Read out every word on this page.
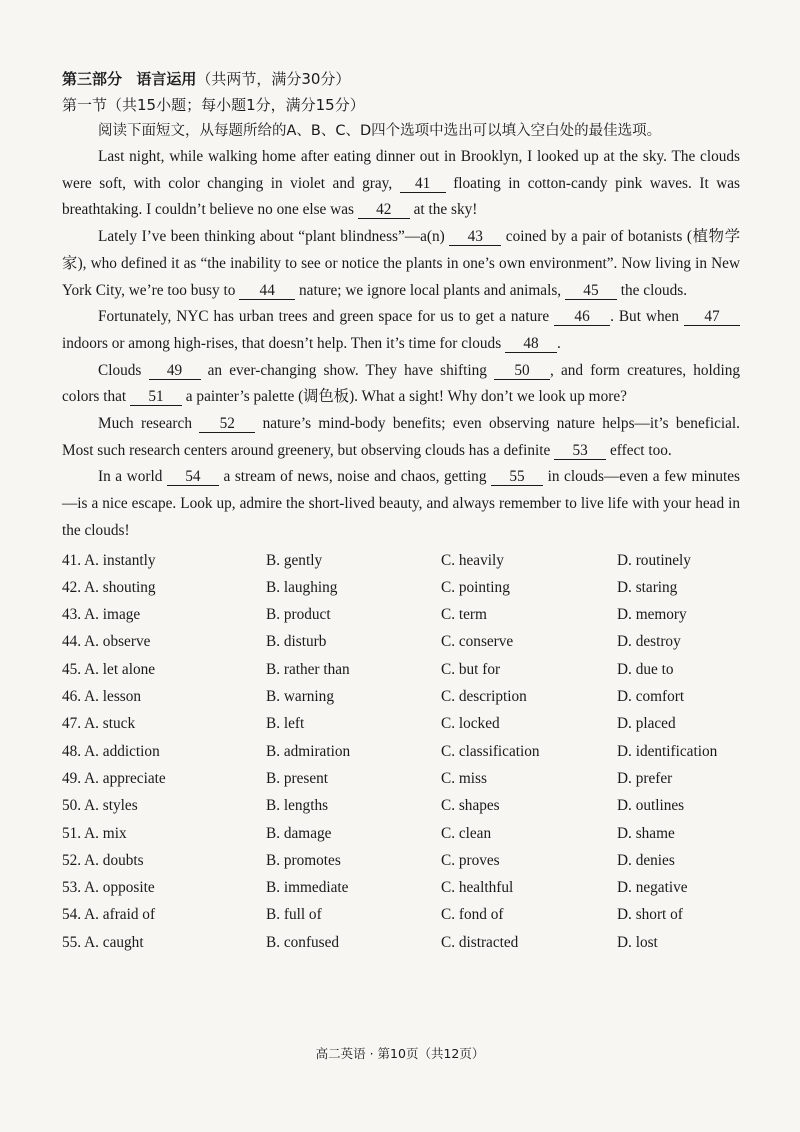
第三部分 语言运用（共两节，满分30分）
第一节（共15小题；每小题1分，满分15分）
阅读下面短文，从每题所给的A、B、C、D四个选项中选出可以填入空白处的最佳选项。

Last night, while walking home after eating dinner out in Brooklyn, I looked up at the sky. The clouds were soft, with color changing in violet and gray, 41 floating in cotton-candy pink waves. It was breathtaking. I couldn’t believe no one else was 42 at the sky!

Lately I’ve been thinking about “plant blindness”—a(n) 43 coined by a pair of botanists (植物学家), who defined it as “the inability to see or notice the plants in one’s own environment”. Now living in New York City, we’re too busy to 44 nature; we ignore local plants and animals, 45 the clouds.

Fortunately, NYC has urban trees and green space for us to get a nature 46 . But when 47 indoors or among high-rises, that doesn’t help. Then it’s time for clouds 48 .

Clouds 49 an ever-changing show. They have shifting 50 , and form creatures, holding colors that 51 a painter’s palette (调色板). What a sight! Why don’t we look up more?

Much research 52 nature’s mind-body benefits; even observing nature helps—it’s beneficial. Most such research centers around greenery, but observing clouds has a definite 53 effect too.

In a world 54 a stream of news, noise and chaos, getting 55 in clouds—even a few minutes—is a nice escape. Look up, admire the short-lived beauty, and always remember to live life with your head in the clouds!

41. A. instantly	B. gently	C. heavily	D. routinely
42. A. shouting	B. laughing	C. pointing	D. staring
43. A. image	B. product	C. term	D. memory
44. A. observe	B. disturb	C. conserve	D. destroy
45. A. let alone	B. rather than	C. but for	D. due to
46. A. lesson	B. warning	C. description	D. comfort
47. A. stuck	B. left	C. locked	D. placed
48. A. addiction	B. admiration	C. classification	D. identification
49. A. appreciate	B. present	C. miss	D. prefer
50. A. styles	B. lengths	C. shapes	D. outlines
51. A. mix	B. damage	C. clean	D. shame
52. A. doubts	B. promotes	C. proves	D. denies
53. A. opposite	B. immediate	C. healthful	D. negative
54. A. afraid of	B. full of	C. fond of	D. short of
55. A. caught	B. confused	C. distracted	D. lost
高二英语 · 第10页（共12页）
